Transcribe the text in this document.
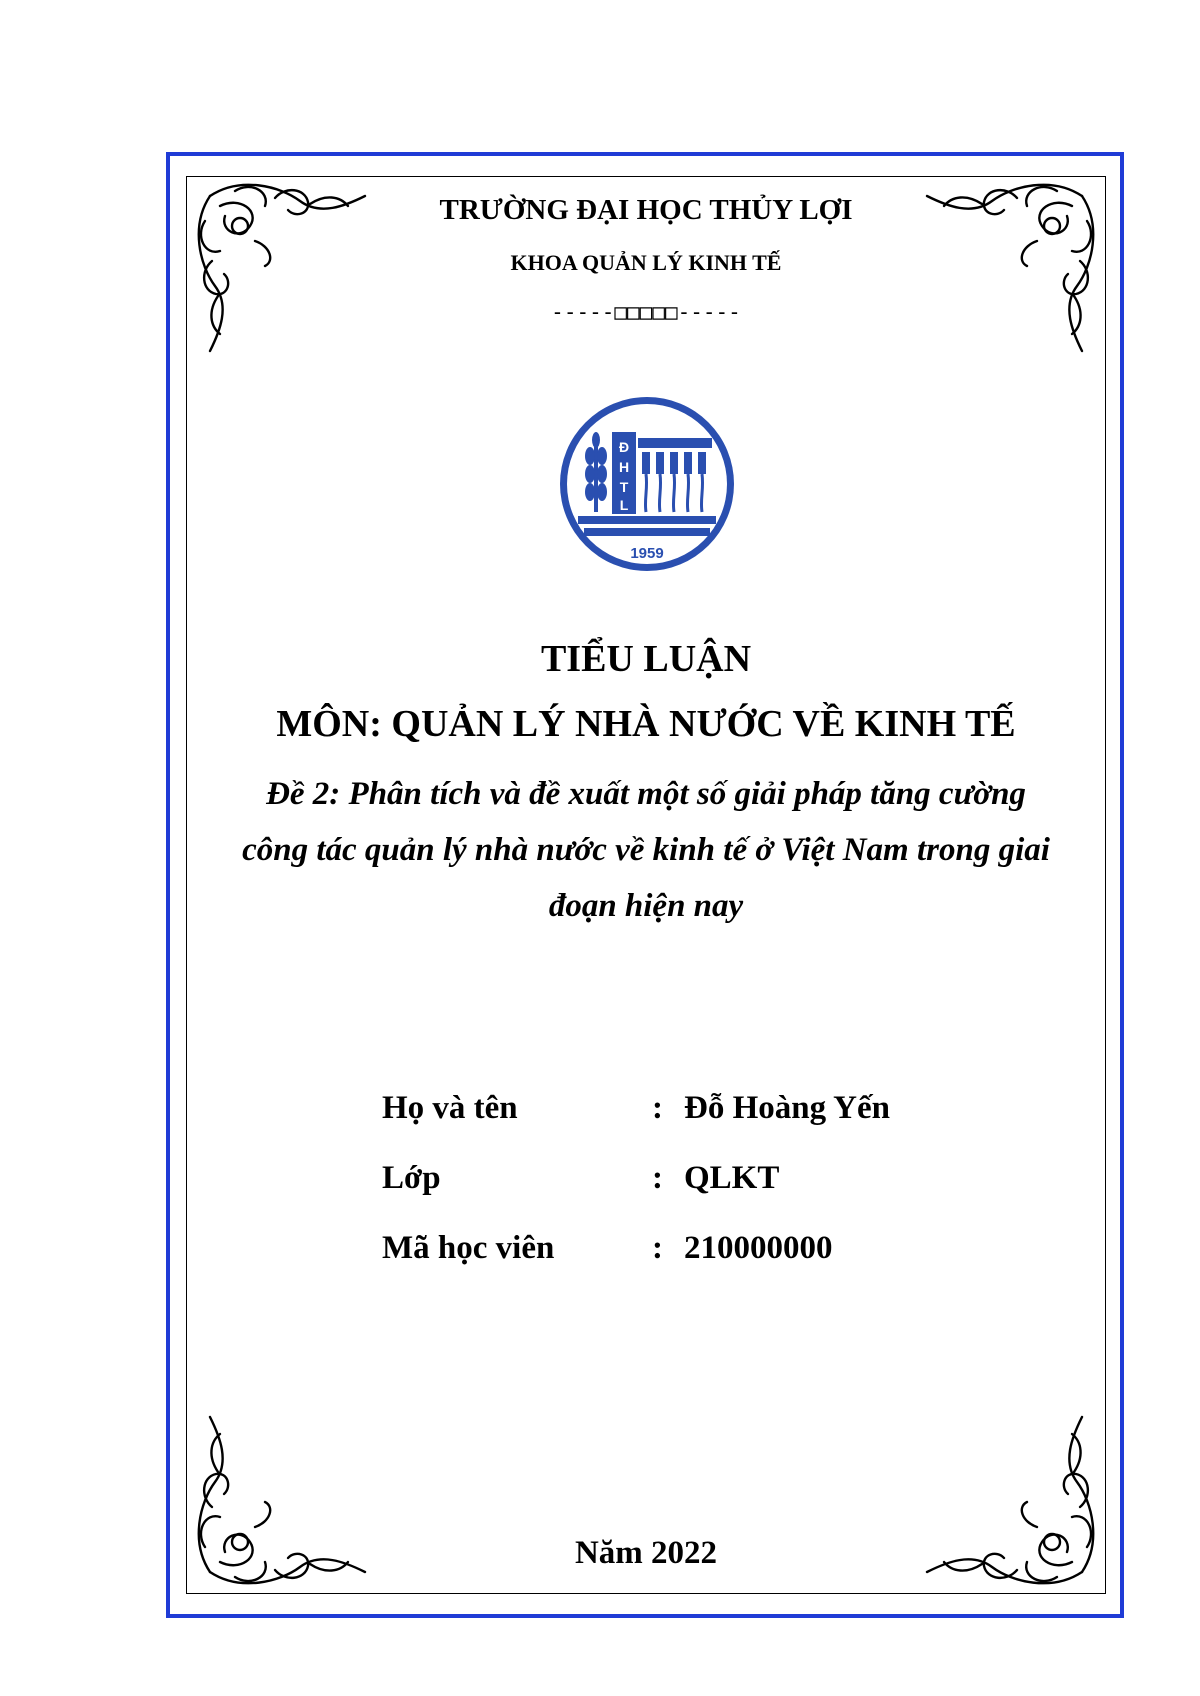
TRƯỜNG ĐẠI HỌC THỦY LỢI
KHOA QUẢN LÝ KINH TẾ
-----□□□□□-----
Đ
H
T
L
1959
TIỂU LUẬN
MÔN: QUẢN LÝ NHÀ NƯỚC VỀ KINH TẾ
Đề 2: Phân tích và đề xuất một số giải pháp tăng cường công tác quản lý nhà nước về kinh tế ở Việt Nam trong giai đoạn hiện nay
Họ và tên	: Đỗ Hoàng Yến
Lớp	: QLKT
Mã học viên	: 210000000
Năm 2022
